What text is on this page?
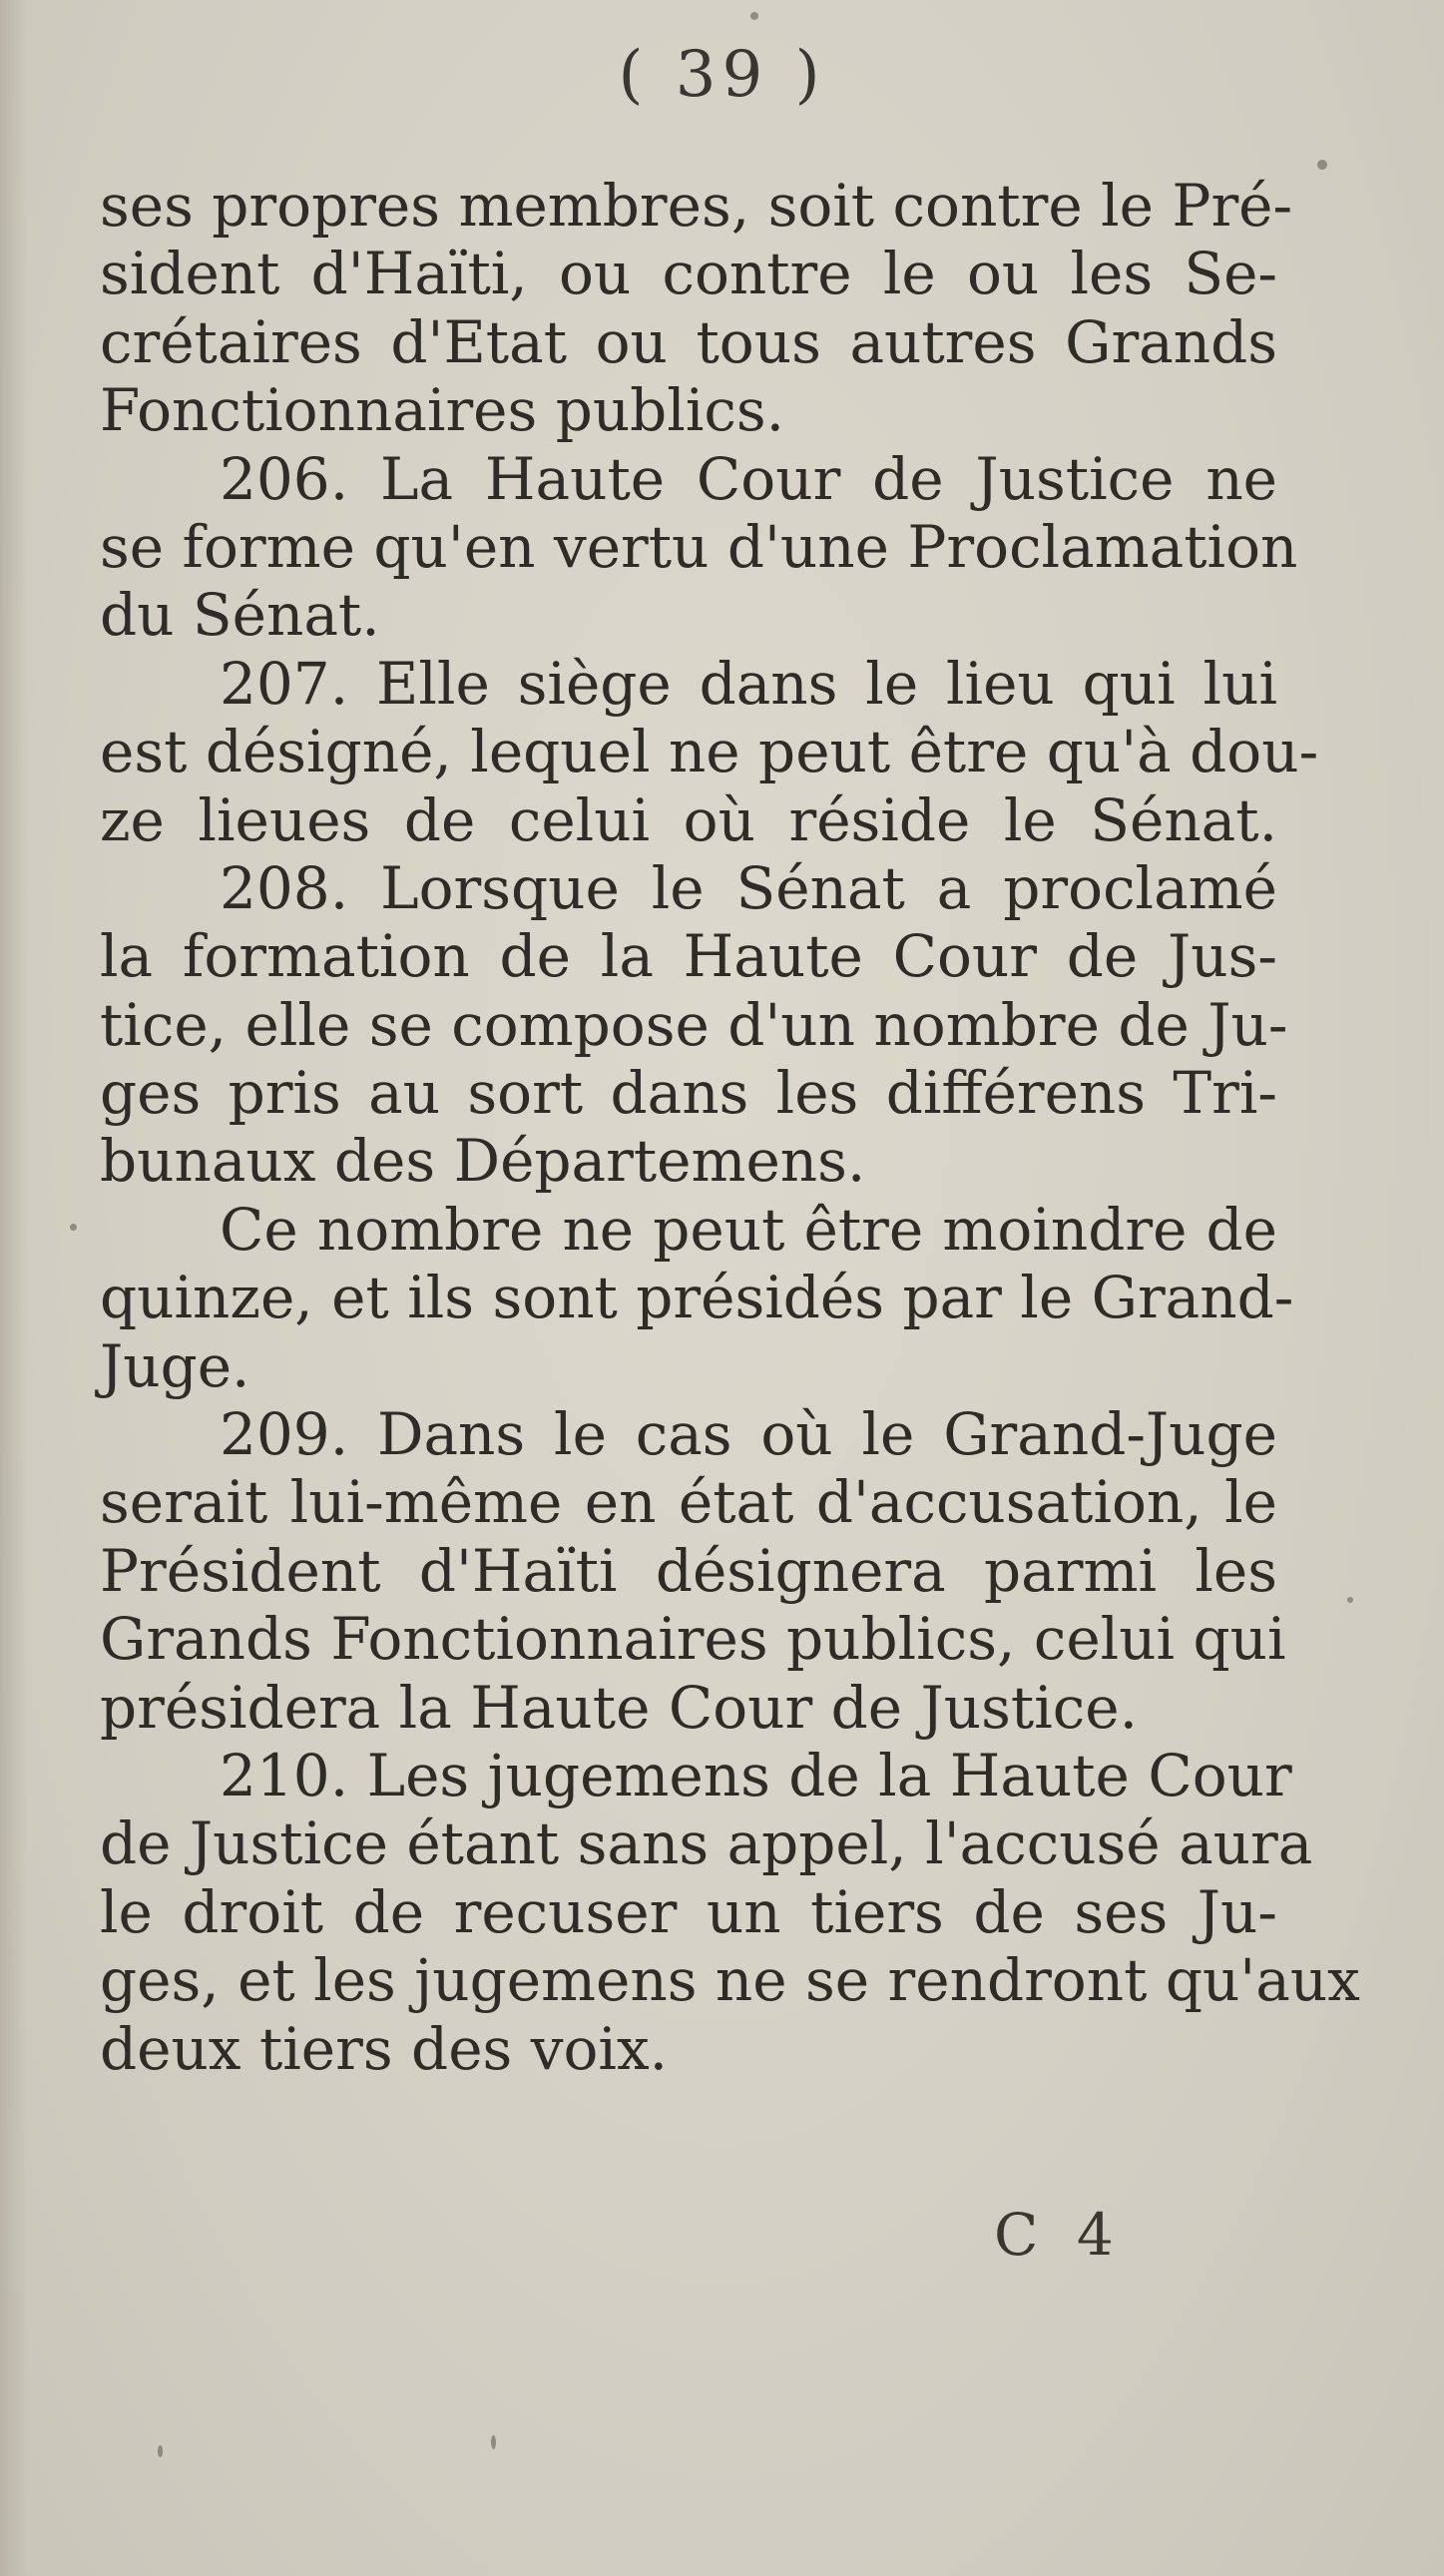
( 39 )
ses propres membres, soit contre le Pré-
sident d'Haïti, ou contre le ou les Se-
crétaires d'Etat ou tous autres Grands
Fonctionnaires publics.
206. La Haute Cour de Justice ne
se forme qu'en vertu d'une Proclamation
du Sénat.
207. Elle siège dans le lieu qui lui
est désigné, lequel ne peut être qu'à dou-
ze lieues de celui où réside le Sénat.
208. Lorsque le Sénat a proclamé
la formation de la Haute Cour de Jus-
tice, elle se compose d'un nombre de Ju-
ges pris au sort dans les différens Tri-
bunaux des Départemens.
Ce nombre ne peut être moindre de
quinze, et ils sont présidés par le Grand-
Juge.
209. Dans le cas où le Grand-Juge
serait lui-même en état d'accusation, le
Président d'Haïti désignera parmi les
Grands Fonctionnaires publics, celui qui
présidera la Haute Cour de Justice.
210. Les jugemens de la Haute Cour
de Justice étant sans appel, l'accusé aura
le droit de recuser un tiers de ses Ju-
ges, et les jugemens ne se rendront qu'aux
deux tiers des voix.
C 4
